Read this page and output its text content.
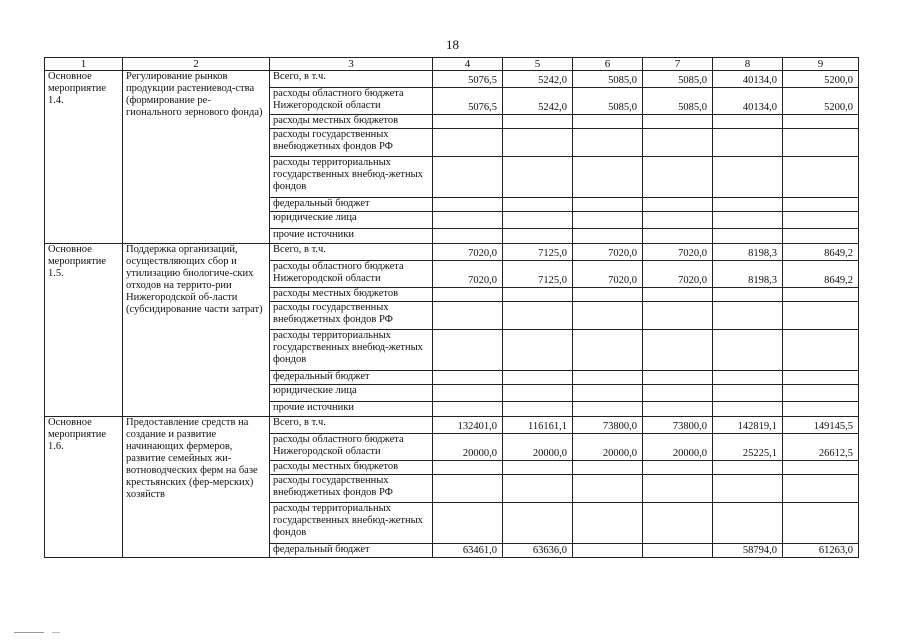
18
1	2	3	4	5	6	7	8	9
Основное мероприятие 1.4.	Регулирование рынков продукции растениевод-ства (формирование ре-гионального зернового фонда)	Всего, в т.ч.	5076,5	5242,0	5085,0	5085,0	40134,0	5200,0
		расходы областного бюджета Нижегородской области	5076,5	5242,0	5085,0	5085,0	40134,0	5200,0
		расходы местных бюджетов						
		расходы государственных внебюджетных фондов РФ						
		расходы территориальных государственных внебюд-жетных фондов						
		федеральный бюджет						
		юридические лица						
		прочие источники						
Основное мероприятие 1.5.	Поддержка организаций, осуществляющих сбор и утилизацию биологиче-ских отходов на террито-рии Нижегородской об-ласти (субсидирование части затрат)	Всего, в т.ч.	7020,0	7125,0	7020,0	7020,0	8198,3	8649,2
		расходы областного бюджета Нижегородской области	7020,0	7125,0	7020,0	7020,0	8198,3	8649,2
		расходы местных бюджетов						
		расходы государственных внебюджетных фондов РФ						
		расходы территориальных государственных внебюд-жетных фондов						
		федеральный бюджет						
		юридические лица						
		прочие источники						
Основное мероприятие 1.6.	Предоставление средств на создание и развитие начинающих фермеров, развитие семейных жи-вотноводческих ферм на базе крестьянских (фер-мерских) хозяйств	Всего, в т.ч.	132401,0	116161,1	73800,0	73800,0	142819,1	149145,5
		расходы областного бюджета Нижегородской области	20000,0	20000,0	20000,0	20000,0	25225,1	26612,5
		расходы местных бюджетов						
		расходы государственных внебюджетных фондов РФ						
		расходы территориальных государственных внебюд-жетных фондов						
		федеральный бюджет	63461,0	63636,0			58794,0	61263,0
